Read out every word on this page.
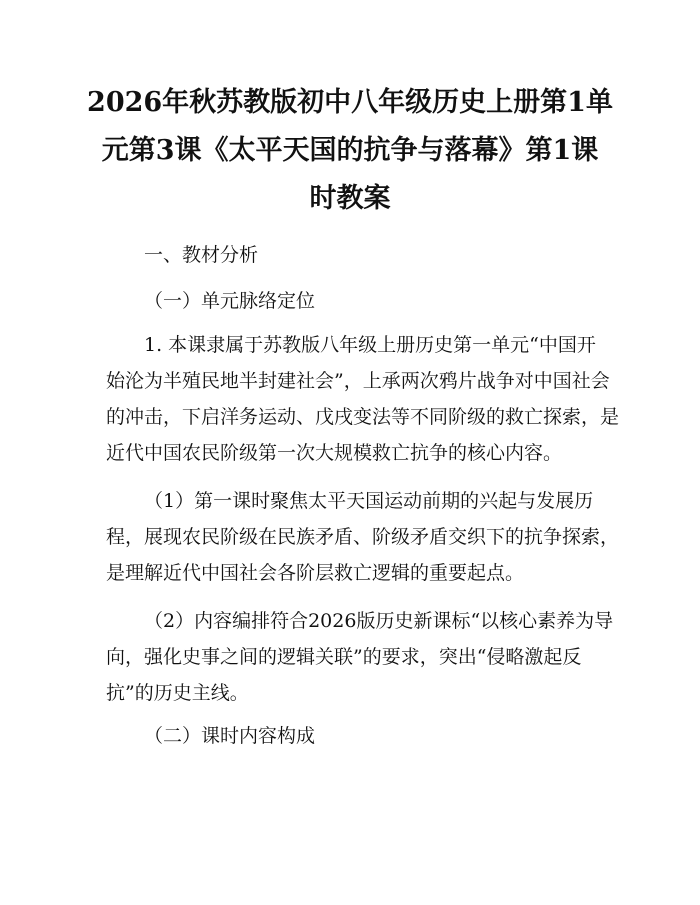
2026年秋苏教版初中八年级历史上册第1单
元第3课《太平天国的抗争与落幕》第1课
时教案
一、教材分析
（一）单元脉络定位
1. 本课隶属于苏教版八年级上册历史第一单元“中国开
始沦为半殖民地半封建社会”，上承两次鸦片战争对中国社会
的冲击，下启洋务运动、戊戌变法等不同阶级的救亡探索，是
近代中国农民阶级第一次大规模救亡抗争的核心内容。
（1）第一课时聚焦太平天国运动前期的兴起与发展历
程，展现农民阶级在民族矛盾、阶级矛盾交织下的抗争探索，
是理解近代中国社会各阶层救亡逻辑的重要起点。
（2）内容编排符合2026版历史新课标“以核心素养为导
向，强化史事之间的逻辑关联”的要求，突出“侵略激起反
抗”的历史主线。
（二）课时内容构成
